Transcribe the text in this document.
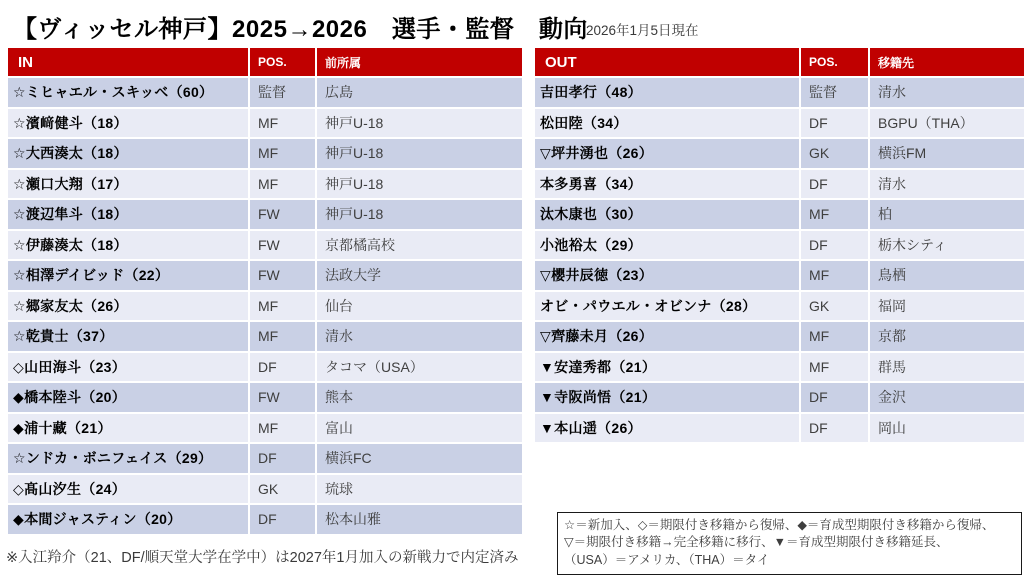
【ヴィッセル神戸】2025→2026　選手・監督　動向
2026年1月5日現在
IN	POS.	前所属
☆ミヒャエル・スキッベ（60）	監督	広島
☆濱﨑健斗（18）	MF	神戸U-18
☆大西湊太（18）	MF	神戸U-18
☆瀬口大翔（17）	MF	神戸U-18
☆渡辺隼斗（18）	FW	神戸U-18
☆伊藤湊太（18）	FW	京都橘高校
☆相澤デイビッド（22）	FW	法政大学
☆郷家友太（26）	MF	仙台
☆乾貴士（37）	MF	清水
◇山田海斗（23）	DF	タコマ（USA）
◆橋本陸斗（20）	FW	熊本
◆浦十藏（21）	MF	富山
☆ンドカ・ボニフェイス（29）	DF	横浜FC
◇髙山汐生（24）	GK	琉球
◆本間ジャスティン（20）	DF	松本山雅
OUT	POS.	移籍先
吉田孝行（48）	監督	清水
松田陸（34）	DF	BGPU（THA）
▽坪井湧也（26）	GK	横浜FM
本多勇喜（34）	DF	清水
汰木康也（30）	MF	柏
小池裕太（29）	DF	栃木シティ
▽櫻井辰徳（23）	MF	鳥栖
オビ・パウエル・オビンナ（28）	GK	福岡
▽齊藤未月（26）	MF	京都
▼安達秀都（21）	MF	群馬
▼寺阪尚悟（21）	DF	金沢
▼本山遥（26）	DF	岡山
※入江羚介（21、DF/順天堂大学在学中）は2027年1月加入の新戦力で内定済み
☆＝新加入、◇＝期限付き移籍から復帰、◆＝育成型期限付き移籍から復帰、
▽＝期限付き移籍→完全移籍に移行、▼＝育成型期限付き移籍延長、
（USA）＝アメリカ、（THA）＝タイ
